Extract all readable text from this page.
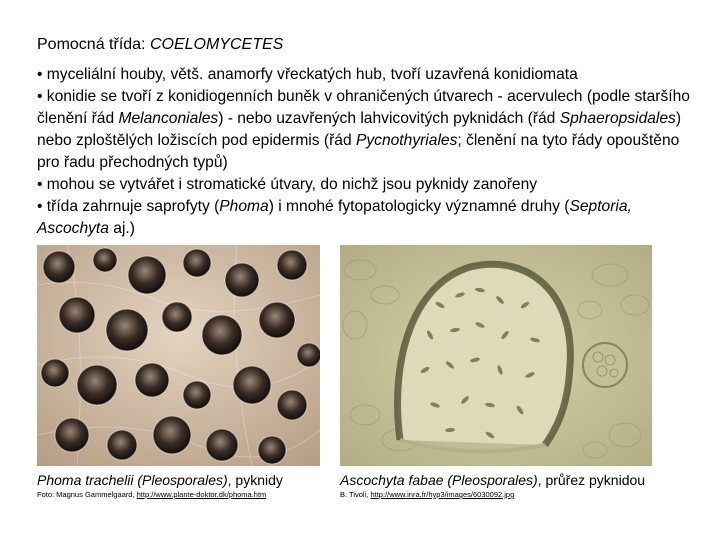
Pomocná třída: COELOMYCETES

• myceliální houby, větš. anamorfy vřeckatých hub, tvoří uzavřená konidiomata

• konidie se tvoří z konidiogenních buněk v ohraničených útvarech - acervulech (podle staršího členění řád Melanconiales) - nebo uzavřených lahvicovitých pyknidách (řád Sphaeropsidales) nebo zploštělých ložiscích pod epidermis (řád Pycnothyriales; členění na tyto řády opouštěno pro řadu přechodných typů)

• mohou se vytvářet i stromatické útvary, do nichž jsou pyknidy zanořeny

• třída zahrnuje saprofyty (Phoma) i mnohé fytopatologicky významné druhy (Septoria, Ascochyta aj.)

Phoma trachelii (Pleosporales), pyknidy	Ascochyta fabae (Pleosporales), průřez pyknidou
Foto: Magnus Gammelgaard, http://www.plante-doktor.dk/phoma.htm	B. Tivoli, http://www.inra.fr/hyp3/images/6030092.jpg
